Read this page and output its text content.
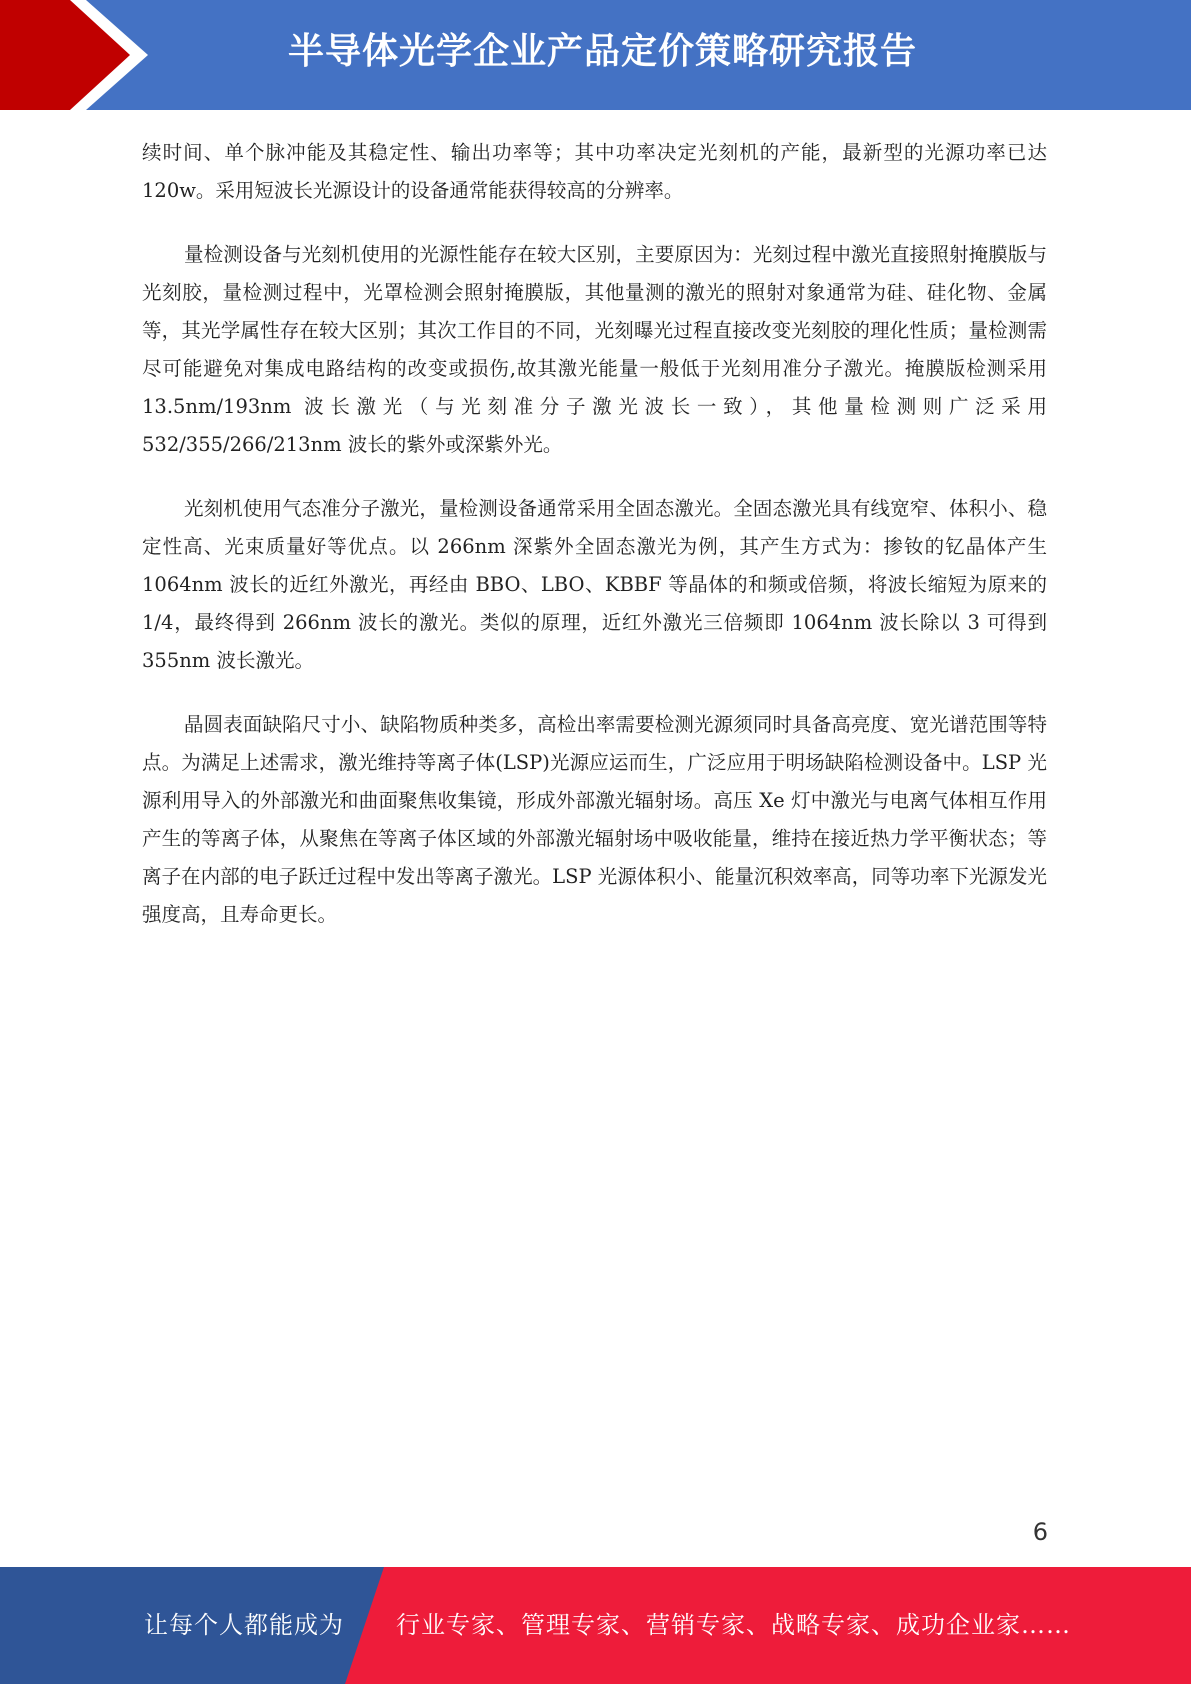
半导体光学企业产品定价策略研究报告

续时间、单个脉冲能及其稳定性、输出功率等；其中功率决定光刻机的产能，最新型的光源功率已达 120w。采用短波长光源设计的设备通常能获得较高的分辨率。

量检测设备与光刻机使用的光源性能存在较大区别，主要原因为：光刻过程中激光直接照射掩膜版与光刻胶，量检测过程中，光罩检测会照射掩膜版，其他量测的激光的照射对象通常为硅、硅化物、金属等，其光学属性存在较大区别；其次工作目的不同，光刻曝光过程直接改变光刻胶的理化性质；量检测需尽可能避免对集成电路结构的改变或损伤,故其激光能量一般低于光刻用准分子激光。掩膜版检测采用 13.5nm/193nm 波长激光（与光刻准分子激光波长一致），其他量检测则广泛采用 532/355/266/213nm 波长的紫外或深紫外光。

光刻机使用气态准分子激光，量检测设备通常采用全固态激光。全固态激光具有线宽窄、体积小、稳定性高、光束质量好等优点。以 266nm 深紫外全固态激光为例，其产生方式为：掺钕的钇晶体产生 1064nm 波长的近红外激光，再经由 BBO、LBO、KBBF 等晶体的和频或倍频，将波长缩短为原来的 1/4，最终得到 266nm 波长的激光。类似的原理，近红外激光三倍频即 1064nm 波长除以 3 可得到 355nm 波长激光。

晶圆表面缺陷尺寸小、缺陷物质种类多，高检出率需要检测光源须同时具备高亮度、宽光谱范围等特点。为满足上述需求，激光维持等离子体(LSP)光源应运而生，广泛应用于明场缺陷检测设备中。LSP 光源利用导入的外部激光和曲面聚焦收集镜，形成外部激光辐射场。高压 Xe 灯中激光与电离气体相互作用产生的等离子体，从聚焦在等离子体区域的外部激光辐射场中吸收能量，维持在接近热力学平衡状态；等离子在内部的电子跃迁过程中发出等离子激光。LSP 光源体积小、能量沉积效率高，同等功率下光源发光强度高，且寿命更长。

6
让每个人都能成为 行业专家、管理专家、营销专家、战略专家、成功企业家……
